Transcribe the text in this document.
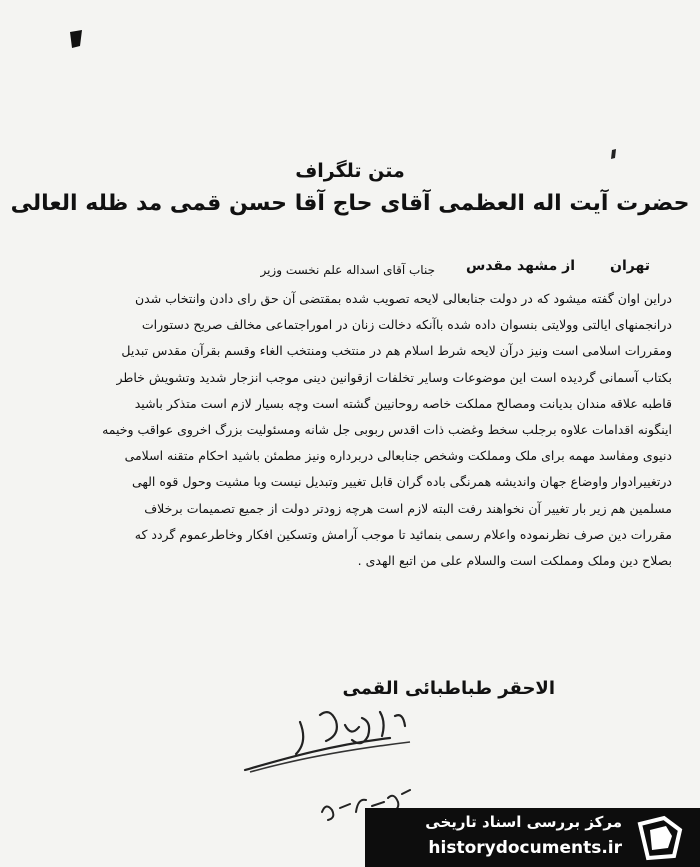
متن تلگراف
حضرت آیت اله العظمی آقای حاج آقا حسن قمی مد ظله العالی
تهران
از مشهد مقدس
جناب آقای اسداله علم نخست وزیر
دراین اوان گفته میشود که در دولت جنابعالی لایحه تصویب شده بمقتضی آن حق رای دادن وانتخاب شدن
درانجمنهای ایالتی وولایتی بنسوان داده شده باآنکه دخالت زنان در اموراجتماعی مخالف صریح دستورات
ومقررات اسلامی است ونیز درآن لایحه شرط اسلام هم در منتخب ومنتخب الغاء وقسم بقرآن مقدس تبدیل
بکتاب آسمانی گردیده است این موضوعات وسایر تخلفات ازقوانین دینی موجب انزجار شدید وتشویش خاطر
قاطبه علاقه مندان بدیانت ومصالح مملکت خاصه روحانیین گشته است وچه بسیار لازم است متذکر باشید
اینگونه اقدامات علاوه برجلب سخط وغضب ذات اقدس ربوبی جل شانه ومسئولیت بزرگ اخروی عواقب وخیمه
دنیوی ومفاسد مهمه برای ملک ومملکت وشخص جنابعالی دربرداره ونیز مطمئن باشید احکام متقنه اسلامی
درتغییرادوار واوضاع جهان واندیشه همرنگی باده گران قابل تغییر وتبدیل نیست وبا مشیت وحول قوه الهی
مسلمین هم زیر بار تغییر آن نخواهند رفت البته لازم است هرچه زودتر دولت از جمیع تصمیمات برخلاف
مقررات دین صرف نظرنموده واعلام رسمی بنمائید تا موجب آرامش وتسکین افکار وخاطرعموم گردد که
بصلاح دین وملک ومملکت است والسلام علی من اتبع الهدی .
الاحقر طباطبائی القمی
مرکز بررسی اسناد تاریخی
historydocuments.ir
